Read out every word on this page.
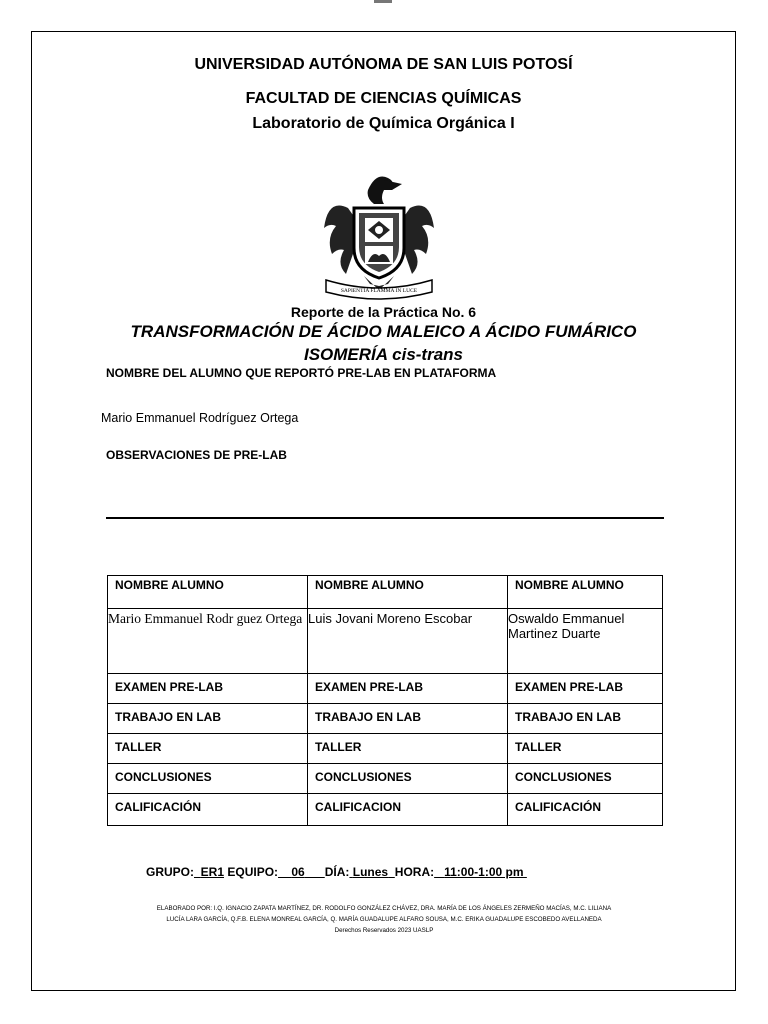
UNIVERSIDAD AUTÓNOMA DE SAN LUIS POTOSÍ
FACULTAD DE CIENCIAS QUÍMICAS
Laboratorio de Química Orgánica I
SAPIENTIA FLAMMA IN LUCE
Reporte de la Práctica No. 6
TRANSFORMACIÓN DE ÁCIDO MALEICO A ÁCIDO FUMÁRICO
ISOMERÍA cis-trans
NOMBRE DEL ALUMNO QUE REPORTÓ PRE-LAB EN PLATAFORMA
Mario Emmanuel Rodríguez Ortega
OBSERVACIONES DE PRE-LAB
NOMBRE ALUMNO	NOMBRE ALUMNO	NOMBRE ALUMNO
Mario Emmanuel Rodr guez Ortega	Luis Jovani Moreno Escobar	Oswaldo Emmanuel Martinez Duarte
EXAMEN PRE-LAB	EXAMEN PRE-LAB	EXAMEN PRE-LAB
TRABAJO EN LAB	TRABAJO EN LAB	TRABAJO EN LAB
TALLER	TALLER	TALLER
CONCLUSIONES	CONCLUSIONES	CONCLUSIONES
CALIFICACIÓN	CALIFICACION	CALIFICACIÓN
GRUPO: ER1 EQUIPO: 06 DÍA: Lunes HORA: 11:00-1:00 pm
ELABORADO POR: I.Q. IGNACIO ZAPATA MARTÍNEZ, DR. RODOLFO GONZÁLEZ CHÁVEZ, DRA. MARÍA DE LOS ÁNGELES ZERMEÑO MACÍAS, M.C. LILIANA
LUCÍA LARA GARCÍA, Q.F.B. ELENA MONREAL GARCÍA, Q. MARÍA GUADALUPE ALFARO SOUSA, M.C. ERIKA GUADALUPE ESCOBEDO AVELLANEDA
Derechos Reservados 2023 UASLP
